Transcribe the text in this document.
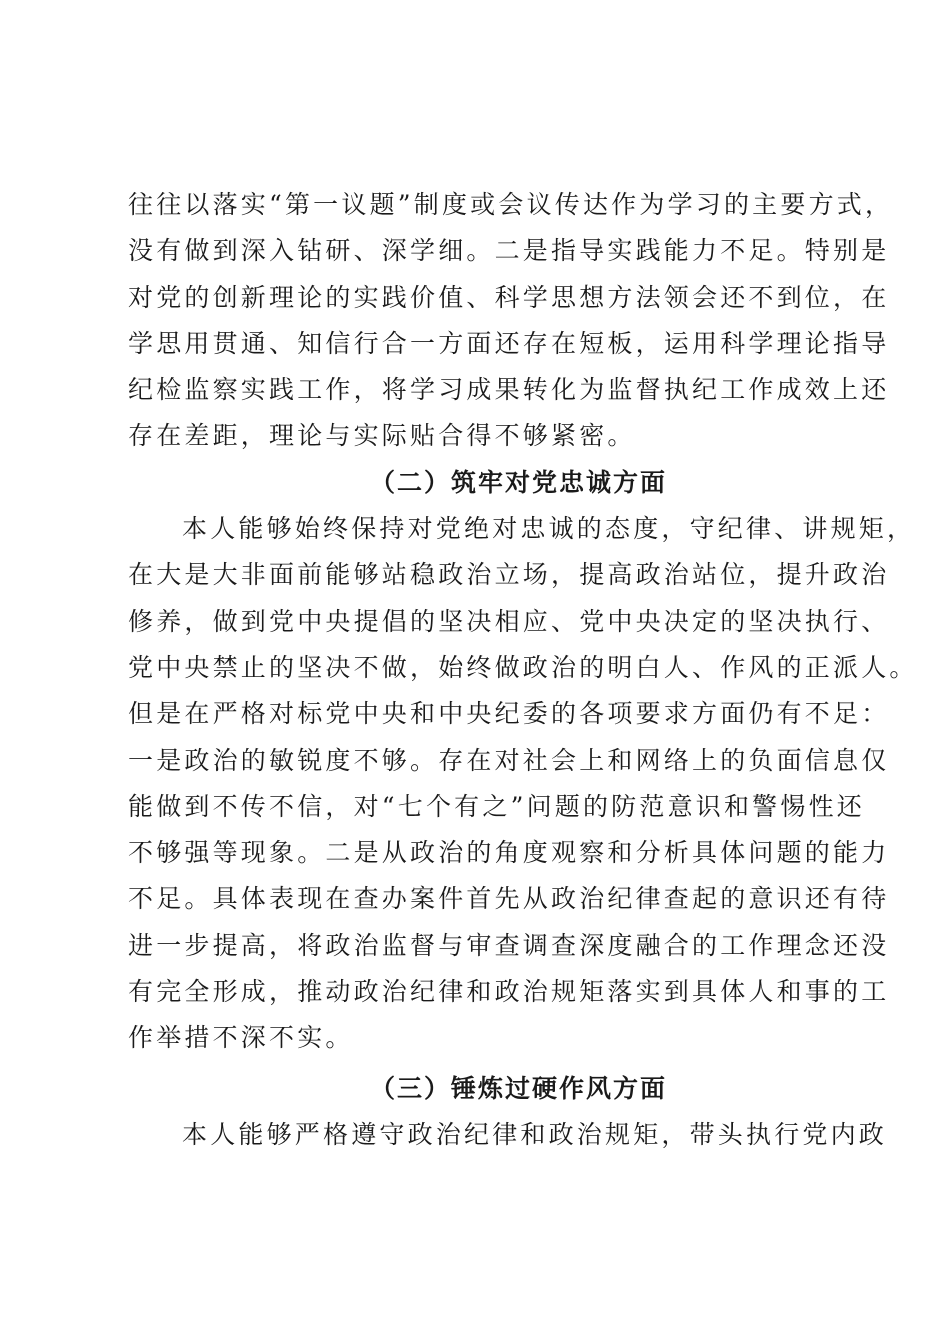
往往以落实“第一议题”制度或会议传达作为学习的主要方式，
没有做到深入钻研、深学细。二是指导实践能力不足。特别是
对党的创新理论的实践价值、科学思想方法领会还不到位，在
学思用贯通、知信行合一方面还存在短板，运用科学理论指导
纪检监察实践工作，将学习成果转化为监督执纪工作成效上还
存在差距，理论与实际贴合得不够紧密。
（二）筑牢对党忠诚方面
本人能够始终保持对党绝对忠诚的态度，守纪律、讲规矩，
在大是大非面前能够站稳政治立场，提高政治站位，提升政治
修养，做到党中央提倡的坚决相应、党中央决定的坚决执行、
党中央禁止的坚决不做，始终做政治的明白人、作风的正派人。
但是在严格对标党中央和中央纪委的各项要求方面仍有不足：
一是政治的敏锐度不够。存在对社会上和网络上的负面信息仅
能做到不传不信，对“七个有之”问题的防范意识和警惕性还
不够强等现象。二是从政治的角度观察和分析具体问题的能力
不足。具体表现在查办案件首先从政治纪律查起的意识还有待
进一步提高，将政治监督与审查调查深度融合的工作理念还没
有完全形成，推动政治纪律和政治规矩落实到具体人和事的工
作举措不深不实。
（三）锤炼过硬作风方面
本人能够严格遵守政治纪律和政治规矩，带头执行党内政
